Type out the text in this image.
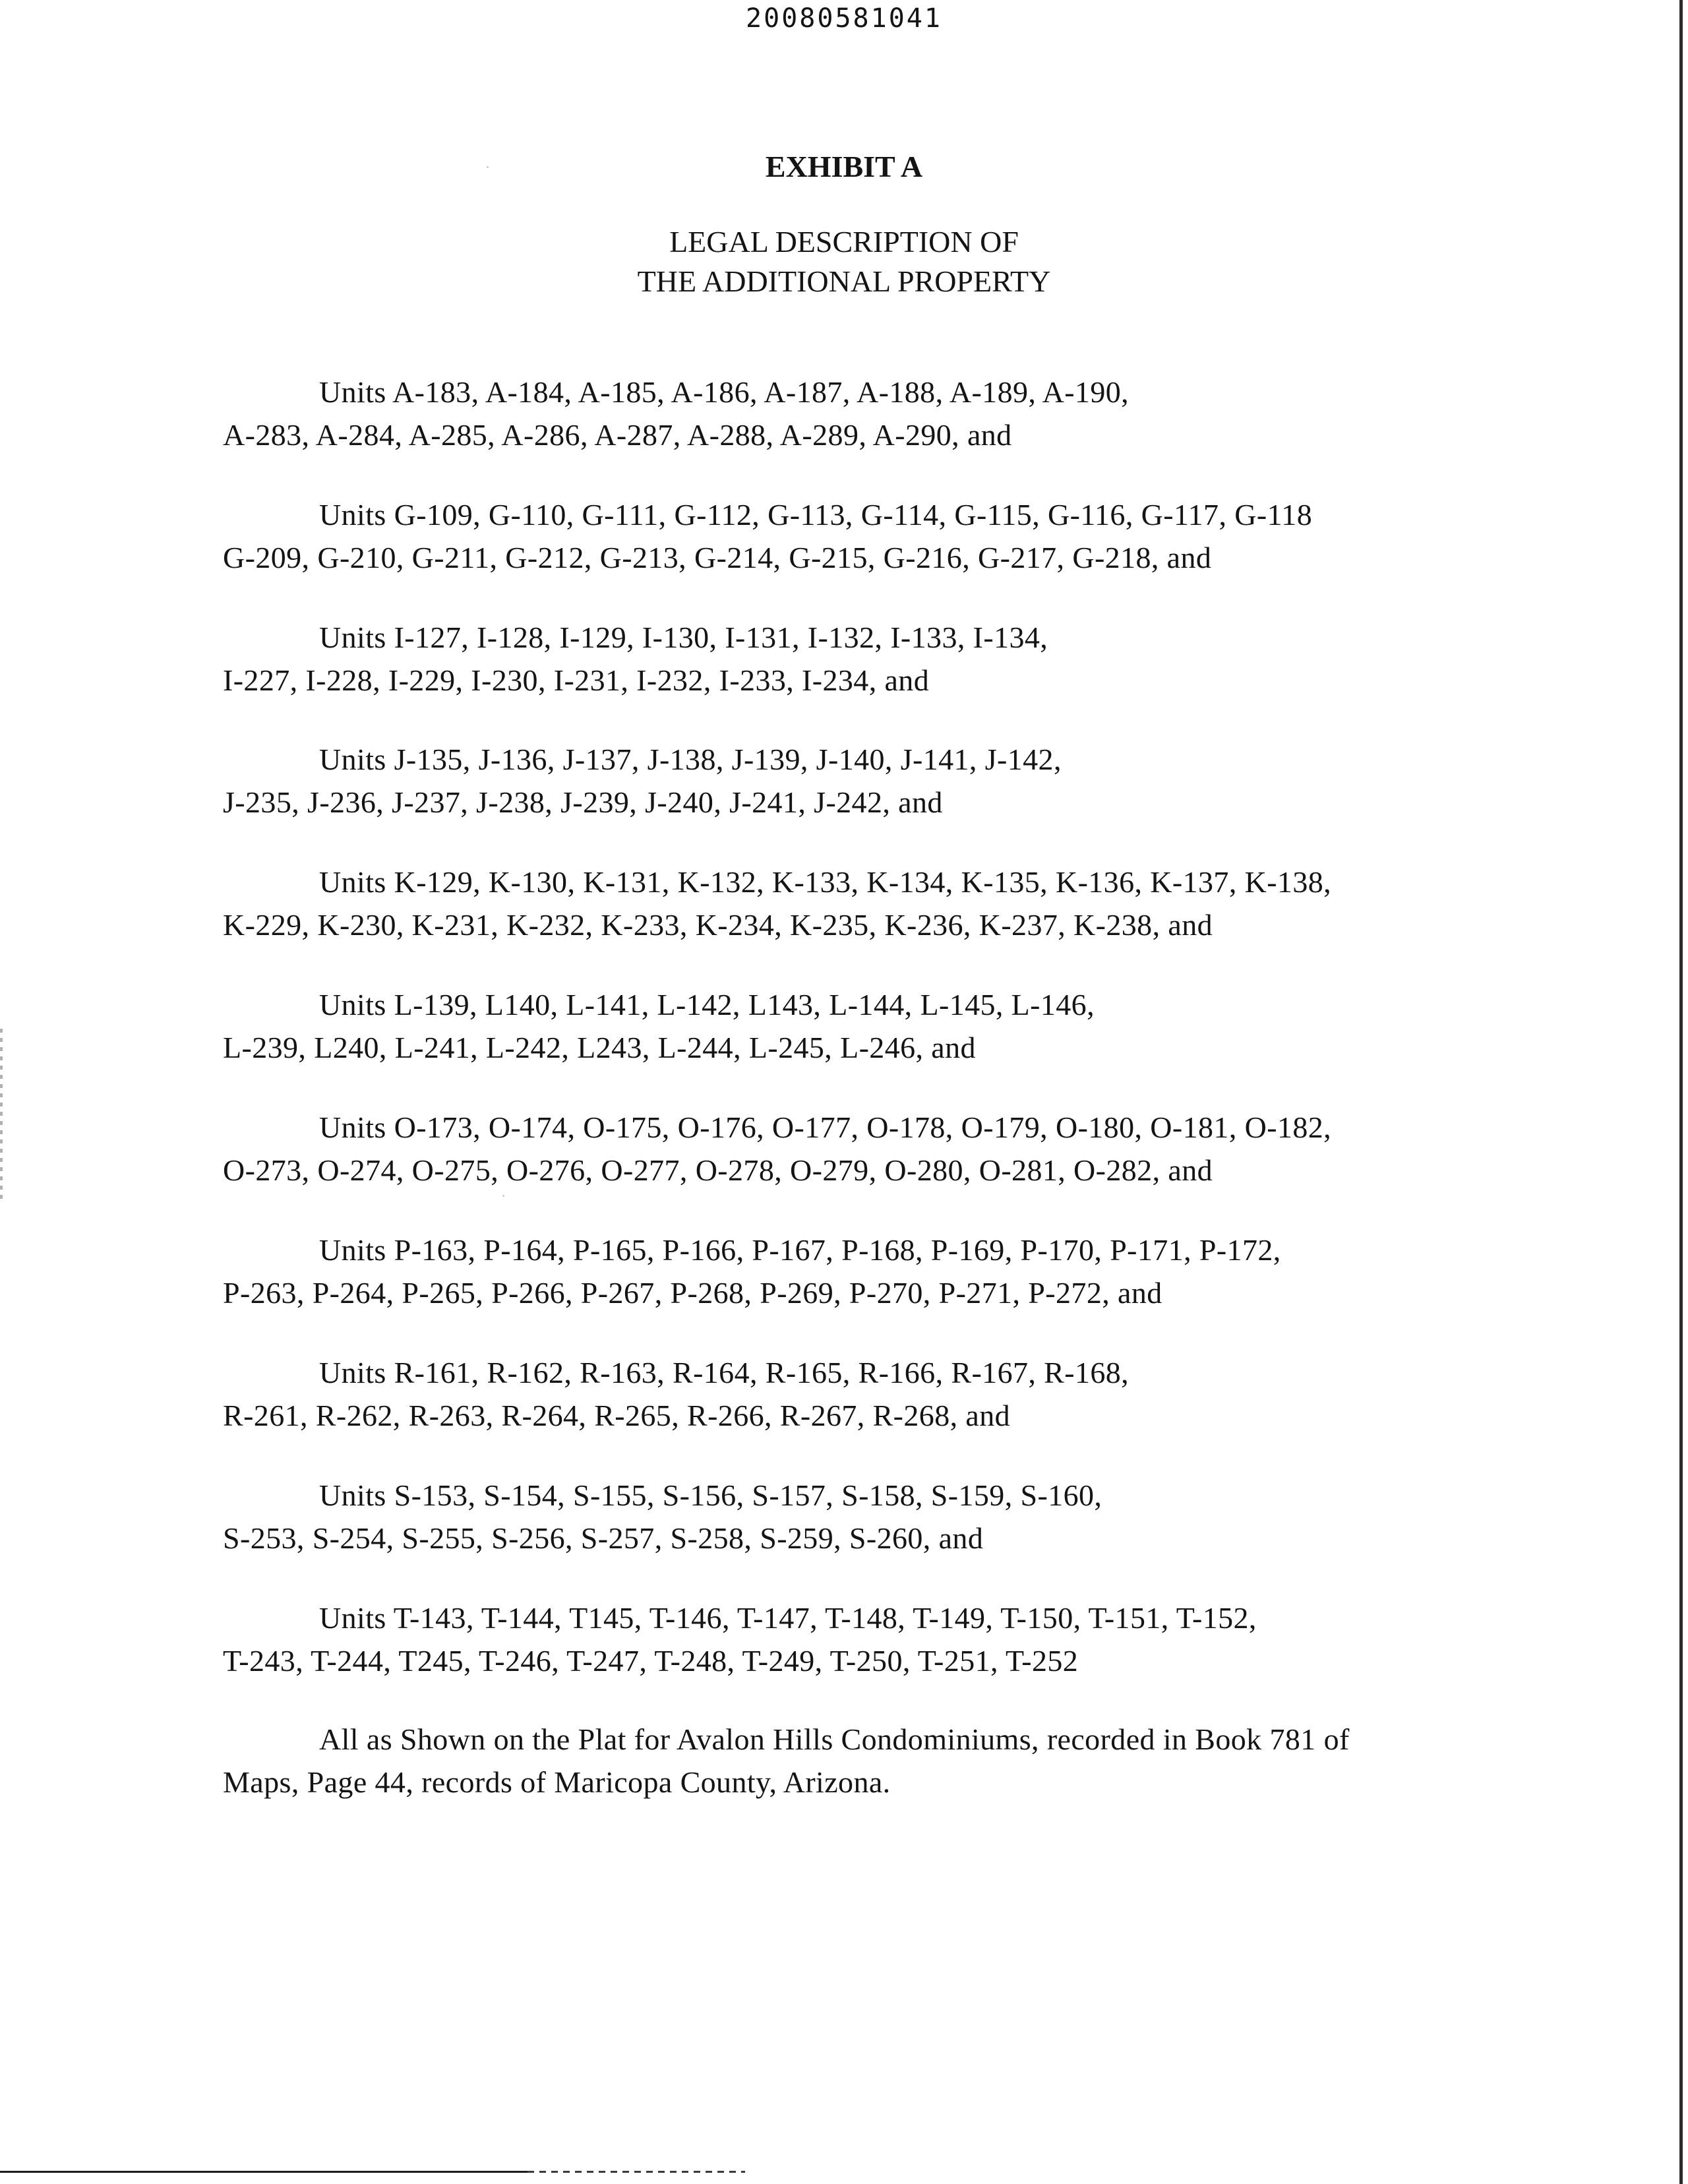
20080581041
EXHIBIT A
LEGAL DESCRIPTION OF
THE ADDITIONAL PROPERTY
Units A-183, A-184, A-185, A-186, A-187, A-188, A-189, A-190,
A-283, A-284, A-285, A-286, A-287, A-288, A-289, A-290, and
Units G-109, G-110, G-111, G-112, G-113, G-114, G-115, G-116, G-117, G-118
G-209, G-210, G-211, G-212, G-213, G-214, G-215, G-216, G-217, G-218, and
Units I-127, I-128, I-129, I-130, I-131, I-132, I-133, I-134,
I-227, I-228, I-229, I-230, I-231, I-232, I-233, I-234, and
Units J-135, J-136, J-137, J-138, J-139, J-140, J-141, J-142,
J-235, J-236, J-237, J-238, J-239, J-240, J-241, J-242, and
Units K-129, K-130, K-131, K-132, K-133, K-134, K-135, K-136, K-137, K-138,
K-229, K-230, K-231, K-232, K-233, K-234, K-235, K-236, K-237, K-238, and
Units L-139, L140, L-141, L-142, L143, L-144, L-145, L-146,
L-239, L240, L-241, L-242, L243, L-244, L-245, L-246, and
Units O-173, O-174, O-175, O-176, O-177, O-178, O-179, O-180, O-181, O-182,
O-273, O-274, O-275, O-276, O-277, O-278, O-279, O-280, O-281, O-282, and
Units P-163, P-164, P-165, P-166, P-167, P-168, P-169, P-170, P-171, P-172,
P-263, P-264, P-265, P-266, P-267, P-268, P-269, P-270, P-271, P-272, and
Units R-161, R-162, R-163, R-164, R-165, R-166, R-167, R-168,
R-261, R-262, R-263, R-264, R-265, R-266, R-267, R-268, and
Units S-153, S-154, S-155, S-156, S-157, S-158, S-159, S-160,
S-253, S-254, S-255, S-256, S-257, S-258, S-259, S-260, and
Units T-143, T-144, T145, T-146, T-147, T-148, T-149, T-150, T-151, T-152,
T-243, T-244, T245, T-246, T-247, T-248, T-249, T-250, T-251, T-252
All as Shown on the Plat for Avalon Hills Condominiums, recorded in Book 781 of
Maps, Page 44, records of Maricopa County, Arizona.
